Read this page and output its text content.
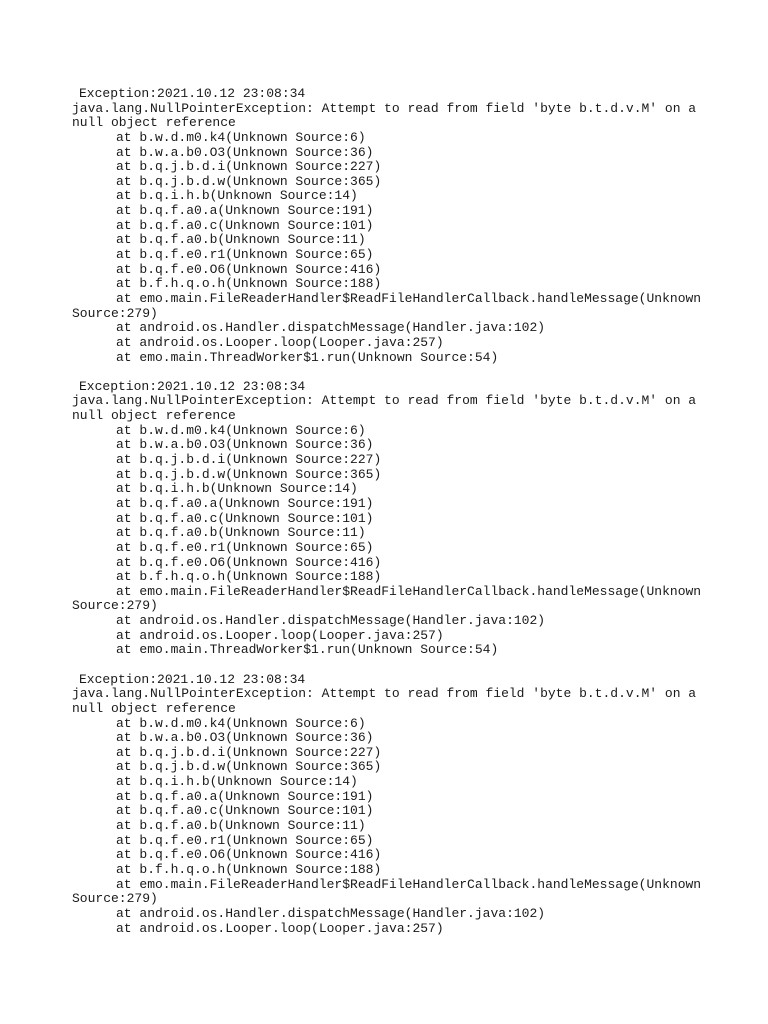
Exception:2021.10.12 23:08:34
java.lang.NullPointerException: Attempt to read from field 'byte b.t.d.v.M' on a
null object reference
at b.w.d.m0.k4(Unknown Source:6)
at b.w.a.b0.O3(Unknown Source:36)
at b.q.j.b.d.i(Unknown Source:227)
at b.q.j.b.d.w(Unknown Source:365)
at b.q.i.h.b(Unknown Source:14)
at b.q.f.a0.a(Unknown Source:191)
at b.q.f.a0.c(Unknown Source:101)
at b.q.f.a0.b(Unknown Source:11)
at b.q.f.e0.r1(Unknown Source:65)
at b.q.f.e0.O6(Unknown Source:416)
at b.f.h.q.o.h(Unknown Source:188)
at emo.main.FileReaderHandler$ReadFileHandlerCallback.handleMessage(Unknown
Source:279)
at android.os.Handler.dispatchMessage(Handler.java:102)
at android.os.Looper.loop(Looper.java:257)
at emo.main.ThreadWorker$1.run(Unknown Source:54)
Exception:2021.10.12 23:08:34
java.lang.NullPointerException: Attempt to read from field 'byte b.t.d.v.M' on a
null object reference
at b.w.d.m0.k4(Unknown Source:6)
at b.w.a.b0.O3(Unknown Source:36)
at b.q.j.b.d.i(Unknown Source:227)
at b.q.j.b.d.w(Unknown Source:365)
at b.q.i.h.b(Unknown Source:14)
at b.q.f.a0.a(Unknown Source:191)
at b.q.f.a0.c(Unknown Source:101)
at b.q.f.a0.b(Unknown Source:11)
at b.q.f.e0.r1(Unknown Source:65)
at b.q.f.e0.O6(Unknown Source:416)
at b.f.h.q.o.h(Unknown Source:188)
at emo.main.FileReaderHandler$ReadFileHandlerCallback.handleMessage(Unknown
Source:279)
at android.os.Handler.dispatchMessage(Handler.java:102)
at android.os.Looper.loop(Looper.java:257)
at emo.main.ThreadWorker$1.run(Unknown Source:54)
Exception:2021.10.12 23:08:34
java.lang.NullPointerException: Attempt to read from field 'byte b.t.d.v.M' on a
null object reference
at b.w.d.m0.k4(Unknown Source:6)
at b.w.a.b0.O3(Unknown Source:36)
at b.q.j.b.d.i(Unknown Source:227)
at b.q.j.b.d.w(Unknown Source:365)
at b.q.i.h.b(Unknown Source:14)
at b.q.f.a0.a(Unknown Source:191)
at b.q.f.a0.c(Unknown Source:101)
at b.q.f.a0.b(Unknown Source:11)
at b.q.f.e0.r1(Unknown Source:65)
at b.q.f.e0.O6(Unknown Source:416)
at b.f.h.q.o.h(Unknown Source:188)
at emo.main.FileReaderHandler$ReadFileHandlerCallback.handleMessage(Unknown
Source:279)
at android.os.Handler.dispatchMessage(Handler.java:102)
at android.os.Looper.loop(Looper.java:257)
